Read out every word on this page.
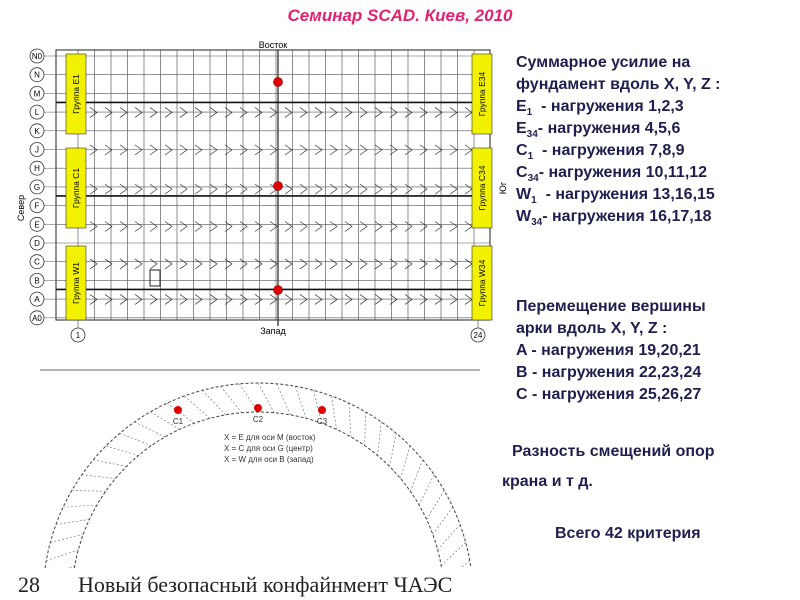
Семинар SCAD. Киев, 2010
Восток
Запад
Север
Юг
N0
N
M
L
K
J
H
G
F
E
D
C
B
A
A0
Группа E1
Группа C1
Группа W1
Группа E34
Группа C34
Группа W34
1	24
C1	C2	C3
X = E для оси M (восток)
X = C для оси G (центр)
X = W для оси B (запад)
Суммарное усилие на
фундамент вдоль X, Y, Z :
$E_1$  - нагружения 1,2,3
$E_{34}-$ нагружения 4,5,6
$C_1$  - нагружения 7,8,9
$C_{34}-$ нагружения 10,11,12
$W_1$  - нагружения 13,16,15
$W_{34}-$ нагружения 16,17,18
Перемещение вершины
арки вдоль X, Y, Z :
A - нагружения 19,20,21
B - нагружения 22,23,24
C - нагружения 25,26,27
Разность смещений опор
крана и т д.
Всего 42 критерия
28 Новый безопасный конфайнмент ЧАЭС
